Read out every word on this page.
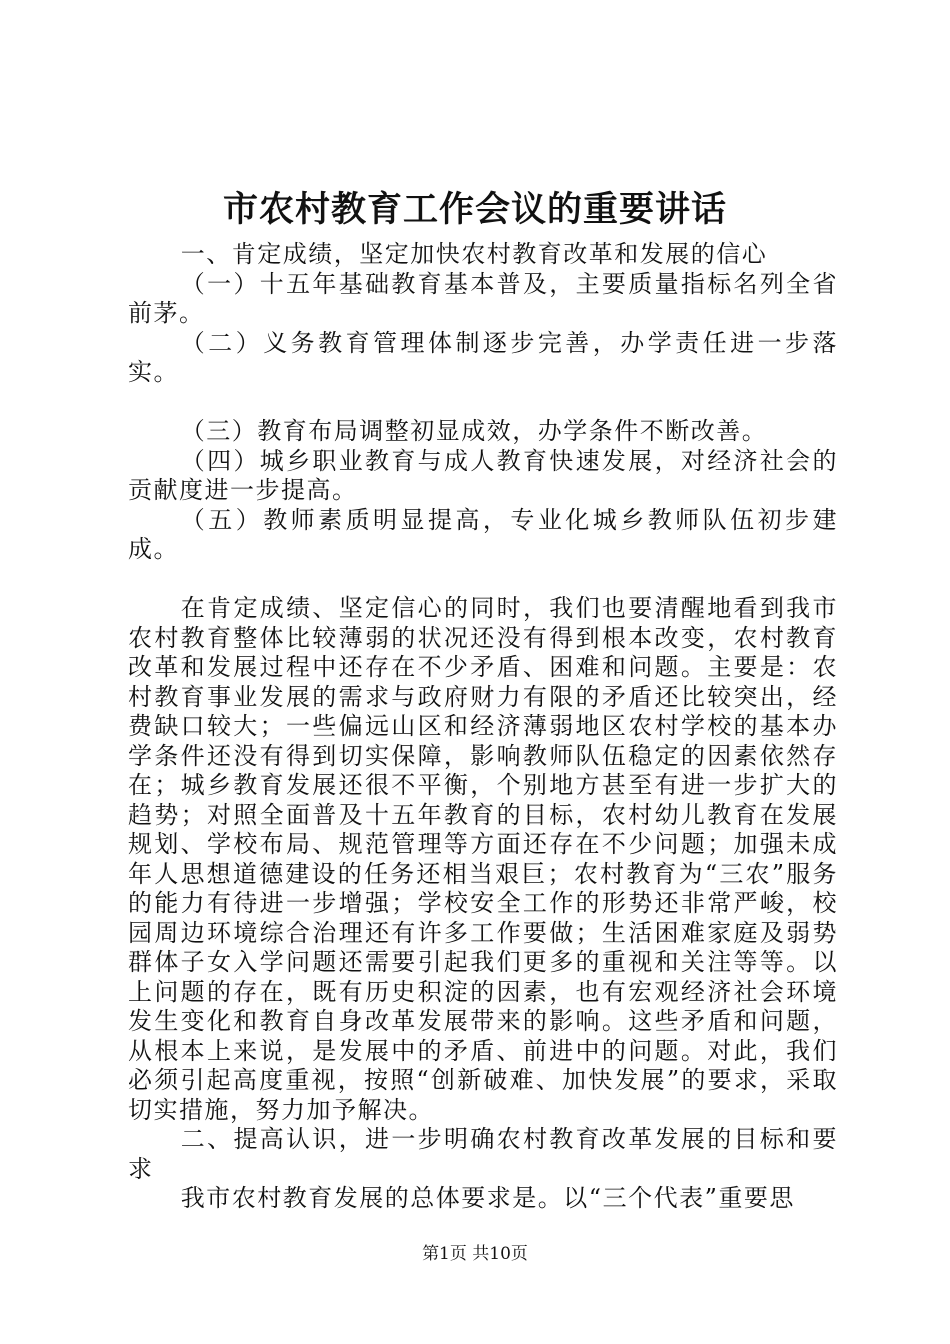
市农村教育工作会议的重要讲话

一、肯定成绩，坚定加快农村教育改革和发展的信心

（一）十五年基础教育基本普及，主要质量指标名列全省前茅。

（二）义务教育管理体制逐步完善，办学责任进一步落实。

（三）教育布局调整初显成效，办学条件不断改善。

（四）城乡职业教育与成人教育快速发展，对经济社会的贡献度进一步提高。

（五）教师素质明显提高，专业化城乡教师队伍初步建成。

在肯定成绩、坚定信心的同时，我们也要清醒地看到我市农村教育整体比较薄弱的状况还没有得到根本改变，农村教育改革和发展过程中还存在不少矛盾、困难和问题。主要是：农村教育事业发展的需求与政府财力有限的矛盾还比较突出，经费缺口较大；一些偏远山区和经济薄弱地区农村学校的基本办学条件还没有得到切实保障，影响教师队伍稳定的因素依然存在；城乡教育发展还很不平衡，个别地方甚至有进一步扩大的趋势；对照全面普及十五年教育的目标，农村幼儿教育在发展规划、学校布局、规范管理等方面还存在不少问题；加强未成年人思想道德建设的任务还相当艰巨；农村教育为“三农”服务的能力有待进一步增强；学校安全工作的形势还非常严峻，校园周边环境综合治理还有许多工作要做；生活困难家庭及弱势群体子女入学问题还需要引起我们更多的重视和关注等等。以上问题的存在，既有历史积淀的因素，也有宏观经济社会环境发生变化和教育自身改革发展带来的影响。这些矛盾和问题，从根本上来说，是发展中的矛盾、前进中的问题。对此，我们必须引起高度重视，按照“创新破难、加快发展”的要求，采取切实措施，努力加予解决。

二、提高认识，进一步明确农村教育改革发展的目标和要求

我市农村教育发展的总体要求是。以“三个代表”重要思

第1页 共10页
